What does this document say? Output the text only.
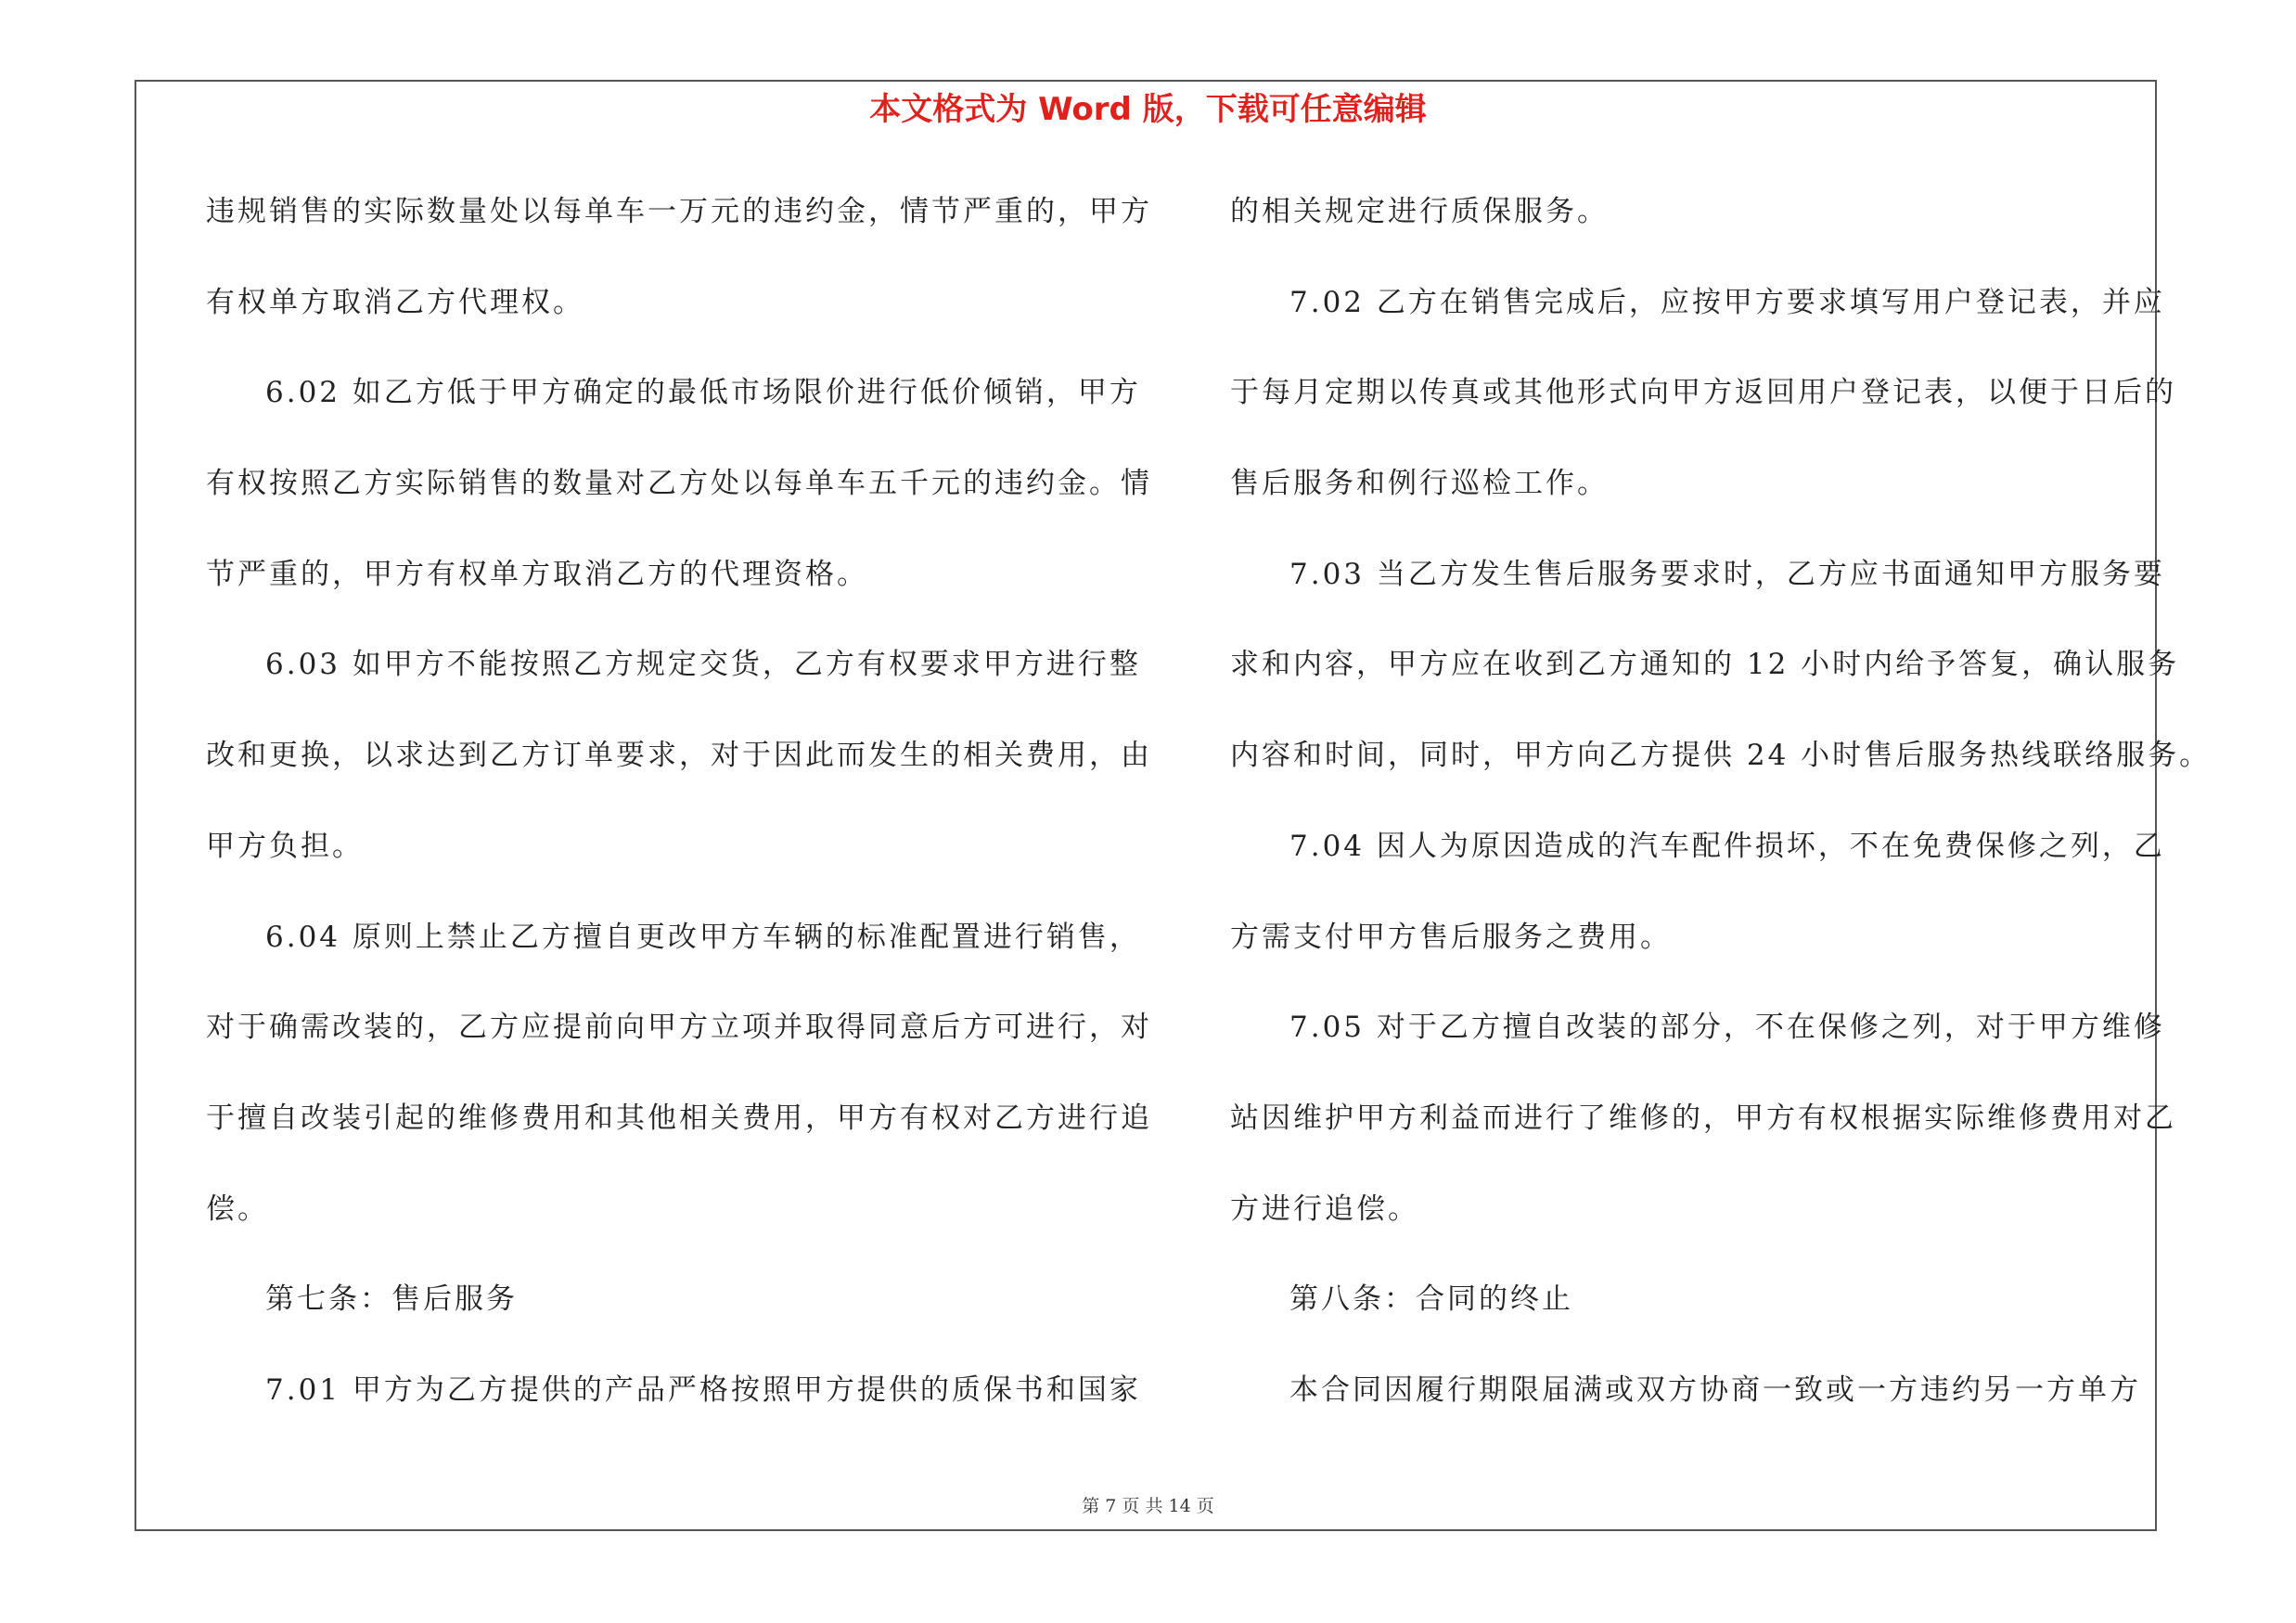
本文格式为 Word 版，下载可任意编辑
违规销售的实际数量处以每单车一万元的违约金，情节严重的，甲方
有权单方取消乙方代理权。
6.02 如乙方低于甲方确定的最低市场限价进行低价倾销，甲方
有权按照乙方实际销售的数量对乙方处以每单车五千元的违约金。情
节严重的，甲方有权单方取消乙方的代理资格。
6.03 如甲方不能按照乙方规定交货，乙方有权要求甲方进行整
改和更换，以求达到乙方订单要求，对于因此而发生的相关费用，由
甲方负担。
6.04 原则上禁止乙方擅自更改甲方车辆的标准配置进行销售，
对于确需改装的，乙方应提前向甲方立项并取得同意后方可进行，对
于擅自改装引起的维修费用和其他相关费用，甲方有权对乙方进行追
偿。
第七条：售后服务
7.01 甲方为乙方提供的产品严格按照甲方提供的质保书和国家
的相关规定进行质保服务。
7.02 乙方在销售完成后，应按甲方要求填写用户登记表，并应
于每月定期以传真或其他形式向甲方返回用户登记表，以便于日后的
售后服务和例行巡检工作。
7.03 当乙方发生售后服务要求时，乙方应书面通知甲方服务要
求和内容，甲方应在收到乙方通知的 12 小时内给予答复，确认服务
内容和时间，同时，甲方向乙方提供 24 小时售后服务热线联络服务。
7.04 因人为原因造成的汽车配件损坏，不在免费保修之列，乙
方需支付甲方售后服务之费用。
7.05 对于乙方擅自改装的部分，不在保修之列，对于甲方维修
站因维护甲方利益而进行了维修的，甲方有权根据实际维修费用对乙
方进行追偿。
第八条：合同的终止
本合同因履行期限届满或双方协商一致或一方违约另一方单方
第 7 页 共 14 页
